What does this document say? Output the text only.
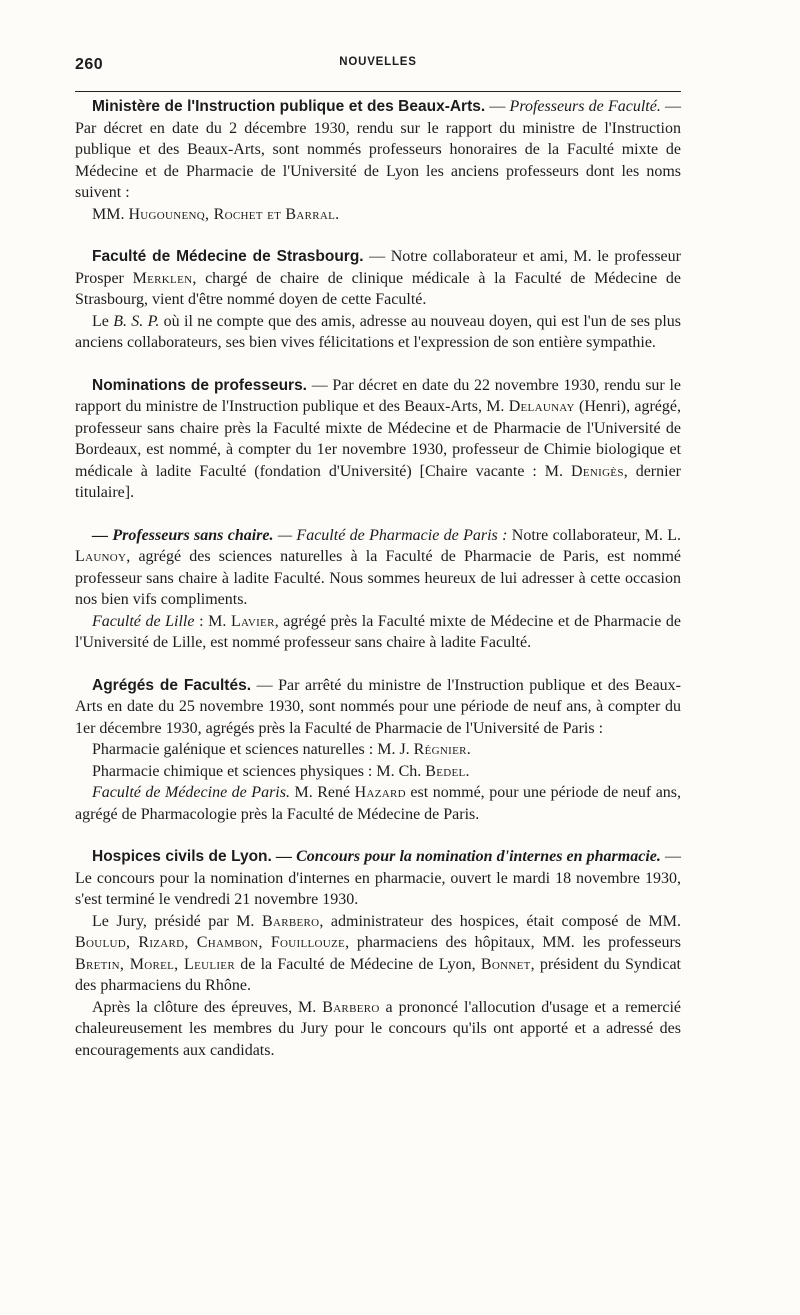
260	NOUVELLES

Ministère de l'Instruction publique et des Beaux-Arts. — Professeurs de Faculté. — Par décret en date du 2 décembre 1930, rendu sur le rapport du ministre de l'Instruction publique et des Beaux-Arts, sont nommés professeurs honoraires de la Faculté mixte de Médecine et de Pharmacie de l'Université de Lyon les anciens professeurs dont les noms suivent :

MM. Hugounenq, Rochet et Barral.

Faculté de Médecine de Strasbourg. — Notre collaborateur et ami, M. le professeur Prosper Merklen, chargé de chaire de clinique médicale à la Faculté de Médecine de Strasbourg, vient d'être nommé doyen de cette Faculté.

Le B. S. P. où il ne compte que des amis, adresse au nouveau doyen, qui est l'un de ses plus anciens collaborateurs, ses bien vives félicitations et l'expression de son entière sympathie.

Nominations de professeurs. — Par décret en date du 22 novembre 1930, rendu sur le rapport du ministre de l'Instruction publique et des Beaux-Arts, M. Delaunay (Henri), agrégé, professeur sans chaire près la Faculté mixte de Médecine et de Pharmacie de l'Université de Bordeaux, est nommé, à compter du 1er novembre 1930, professeur de Chimie biologique et médicale à ladite Faculté (fondation d'Université) [Chaire vacante : M. Denigès, dernier titulaire].

— Professeurs sans chaire. — Faculté de Pharmacie de Paris : Notre collaborateur, M. L. Launoy, agrégé des sciences naturelles à la Faculté de Pharmacie de Paris, est nommé professeur sans chaire à ladite Faculté. Nous sommes heureux de lui adresser à cette occasion nos bien vifs compliments.

Faculté de Lille : M. Lavier, agrégé près la Faculté mixte de Médecine et de Pharmacie de l'Université de Lille, est nommé professeur sans chaire à ladite Faculté.

Agrégés de Facultés. — Par arrêté du ministre de l'Instruction publique et des Beaux-Arts en date du 25 novembre 1930, sont nommés pour une période de neuf ans, à compter du 1er décembre 1930, agrégés près la Faculté de Pharmacie de l'Université de Paris :

Pharmacie galénique et sciences naturelles : M. J. Régnier.

Pharmacie chimique et sciences physiques : M. Ch. Bedel.

Faculté de Médecine de Paris. M. René Hazard est nommé, pour une période de neuf ans, agrégé de Pharmacologie près la Faculté de Médecine de Paris.

Hospices civils de Lyon. — Concours pour la nomination d'internes en pharmacie. — Le concours pour la nomination d'internes en pharmacie, ouvert le mardi 18 novembre 1930, s'est terminé le vendredi 21 novembre 1930.

Le Jury, présidé par M. Barbero, administrateur des hospices, était composé de MM. Boulud, Rizard, Chambon, Fouillouze, pharmaciens des hôpitaux, MM. les professeurs Bretin, Morel, Leulier de la Faculté de Médecine de Lyon, Bonnet, président du Syndicat des pharmaciens du Rhône.

Après la clôture des épreuves, M. Barbero a prononcé l'allocution d'usage et a remercié chaleureusement les membres du Jury pour le concours qu'ils ont apporté et a adressé des encouragements aux candidats.
